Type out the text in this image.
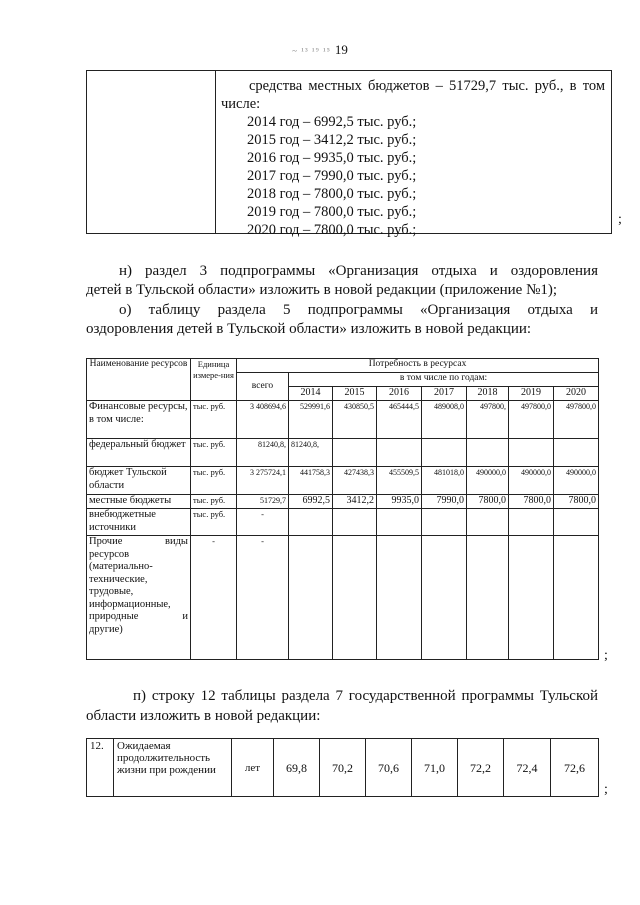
~ ¹³ ¹⁹ ¹⁵ 19
средства местных бюджетов – 51729,7 тыс. руб., в том
числе:
2014 год – 6992,5 тыс. руб.;
2015 год – 3412,2 тыс. руб.;
2016 год – 9935,0 тыс. руб.;
2017 год – 7990,0 тыс. руб.;
2018 год – 7800,0 тыс. руб.;
2019 год – 7800,0 тыс. руб.;
2020 год – 7800,0 тыс. руб.;
;
н) раздел 3 подпрограммы «Организация отдыха и оздоровления
детей в Тульской области» изложить в новой редакции (приложение №1);
о) таблицу раздела 5 подпрограммы «Организация отдыха и
оздоровления детей в Тульской области» изложить в новой редакции:
Наименование ресурсов	Единица измере-ния	Потребность в ресурсах							
		всего	в том числе по годам:						
			2014	2015	2016	2017	2018	2019	2020
Финансовые ресурсы, в том числе:	тыс. руб.	3 408694,6	529991,6	430850,5	465444,5	489008,0	497800,	497800,0	497800,0
федеральный бюджет	тыс. руб.	81240,8,	81240,8,						
бюджет Тульской области	тыс. руб.	3 275724,1	441758,3	427438,3	455509,5	481018,0	490000,0	490000,0	490000,0
местные бюджеты	тыс. руб.	51729,7	6992,5	3412,2	9935,0	7990,0	7800,0	7800,0	7800,0
внебюджетные источники	тыс. руб.	-							

Прочие виды
ресурсов (материально-технические, трудовые, информационные,
природные и
другие)	-	-							
;
п) строку 12 таблицы раздела 7 государственной программы Тульской
области изложить в новой редакции:
12.	Ожидаемая продолжительность жизни при рождении	лет	69,8	70,2	70,6	71,0	72,2	72,4	72,6
;
